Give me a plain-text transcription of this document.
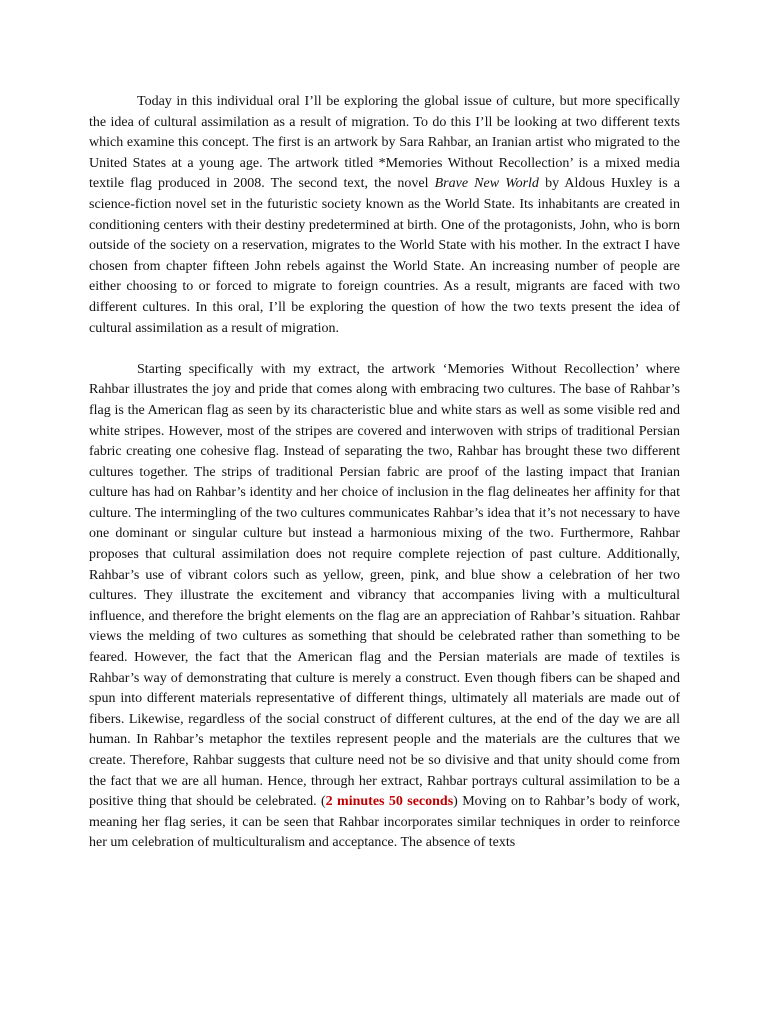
Today in this individual oral I’ll be exploring the global issue of culture, but more specifically the idea of cultural assimilation as a result of migration. To do this I’ll be looking at two different texts which examine this concept. The first is an artwork by Sara Rahbar, an Iranian artist who migrated to the United States at a young age. The artwork titled *Memories Without Recollection’ is a mixed media textile flag produced in 2008. The second text, the novel Brave New World by Aldous Huxley is a science-fiction novel set in the futuristic society known as the World State. Its inhabitants are created in conditioning centers with their destiny predetermined at birth. One of the protagonists, John, who is born outside of the society on a reservation, migrates to the World State with his mother. In the extract I have chosen from chapter fifteen John rebels against the World State. An increasing number of people are either choosing to or forced to migrate to foreign countries. As a result, migrants are faced with two different cultures. In this oral, I’ll be exploring the question of how the two texts present the idea of cultural assimilation as a result of migration.

Starting specifically with my extract, the artwork ‘Memories Without Recollection’ where Rahbar illustrates the joy and pride that comes along with embracing two cultures. The base of Rahbar’s flag is the American flag as seen by its characteristic blue and white stars as well as some visible red and white stripes. However, most of the stripes are covered and interwoven with strips of traditional Persian fabric creating one cohesive flag. Instead of separating the two, Rahbar has brought these two different cultures together. The strips of traditional Persian fabric are proof of the lasting impact that Iranian culture has had on Rahbar’s identity and her choice of inclusion in the flag delineates her affinity for that culture. The intermingling of the two cultures communicates Rahbar’s idea that it’s not necessary to have one dominant or singular culture but instead a harmonious mixing of the two. Furthermore, Rahbar proposes that cultural assimilation does not require complete rejection of past culture. Additionally, Rahbar’s use of vibrant colors such as yellow, green, pink, and blue show a celebration of her two cultures. They illustrate the excitement and vibrancy that accompanies living with a multicultural influence, and therefore the bright elements on the flag are an appreciation of Rahbar’s situation. Rahbar views the melding of two cultures as something that should be celebrated rather than something to be feared. However, the fact that the American flag and the Persian materials are made of textiles is Rahbar’s way of demonstrating that culture is merely a construct. Even though fibers can be shaped and spun into different materials representative of different things, ultimately all materials are made out of fibers. Likewise, regardless of the social construct of different cultures, at the end of the day we are all human. In Rahbar’s metaphor the textiles represent people and the materials are the cultures that we create. Therefore, Rahbar suggests that culture need not be so divisive and that unity should come from the fact that we are all human. Hence, through her extract, Rahbar portrays cultural assimilation to be a positive thing that should be celebrated. (2 minutes 50 seconds) Moving on to Rahbar’s body of work, meaning her flag series, it can be seen that Rahbar incorporates similar techniques in order to reinforce her um celebration of multiculturalism and acceptance. The absence of texts
